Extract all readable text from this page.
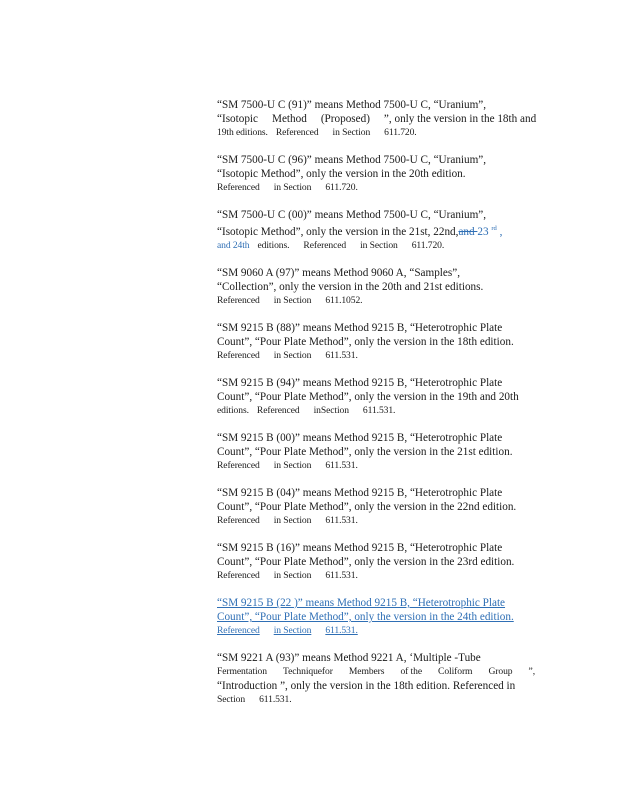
“SM 7500-U C (91)” means Method 7500-U C, “Uranium”,
“Isotopic Method (Proposed) ”, only the version in the 18th and
19th editions. Referenced in Section 611.720.
“SM 7500-U C (96)” means Method 7500-U C, “Uranium”,
“Isotopic Method”, only the version in the 20th edition.
Referenced in Section 611.720.
“SM 7500-U C (00)” means Method 7500-U C, “Uranium”,
“Isotopic Method”, only the version in the 21st, 22nd,and 23 $^{rd}$ ,
and 24th editions. Referenced in Section 611.720.
“SM 9060 A (97)” means Method 9060 A, “Samples”,
“Collection”, only the version in the 20th and 21st editions.
Referenced in Section 611.1052.
“SM 9215 B (88)” means Method 9215 B, “Heterotrophic Plate
Count”, “Pour Plate Method”, only the version in the 18th edition.
Referenced in Section 611.531.
“SM 9215 B (94)” means Method 9215 B, “Heterotrophic Plate
Count”, “Pour Plate Method”, only the version in the 19th and 20th
editions. Referenced inSection 611.531.
“SM 9215 B (00)” means Method 9215 B, “Heterotrophic Plate
Count”, “Pour Plate Method”, only the version in the 21st edition.
Referenced in Section 611.531.
“SM 9215 B (04)” means Method 9215 B, “Heterotrophic Plate
Count”, “Pour Plate Method”, only the version in the 22nd edition.
Referenced in Section 611.531.
“SM 9215 B (16)” means Method 9215 B, “Heterotrophic Plate
Count”, “Pour Plate Method”, only the version in the 23rd edition.
Referenced in Section 611.531.
“SM 9215 B (22 )” means Method 9215 B, “Heterotrophic Plate
Count”, “Pour Plate Method”, only the version in the 24th edition.
Referenced in Section 611.531.
“SM 9221 A (93)” means Method 9221 A, ‘Multiple -Tube
Fermentation Techniquefor Members of the Coliform Group ”,
“Introduction ”, only the version in the 18th edition. Referenced in
Section 611.531.
